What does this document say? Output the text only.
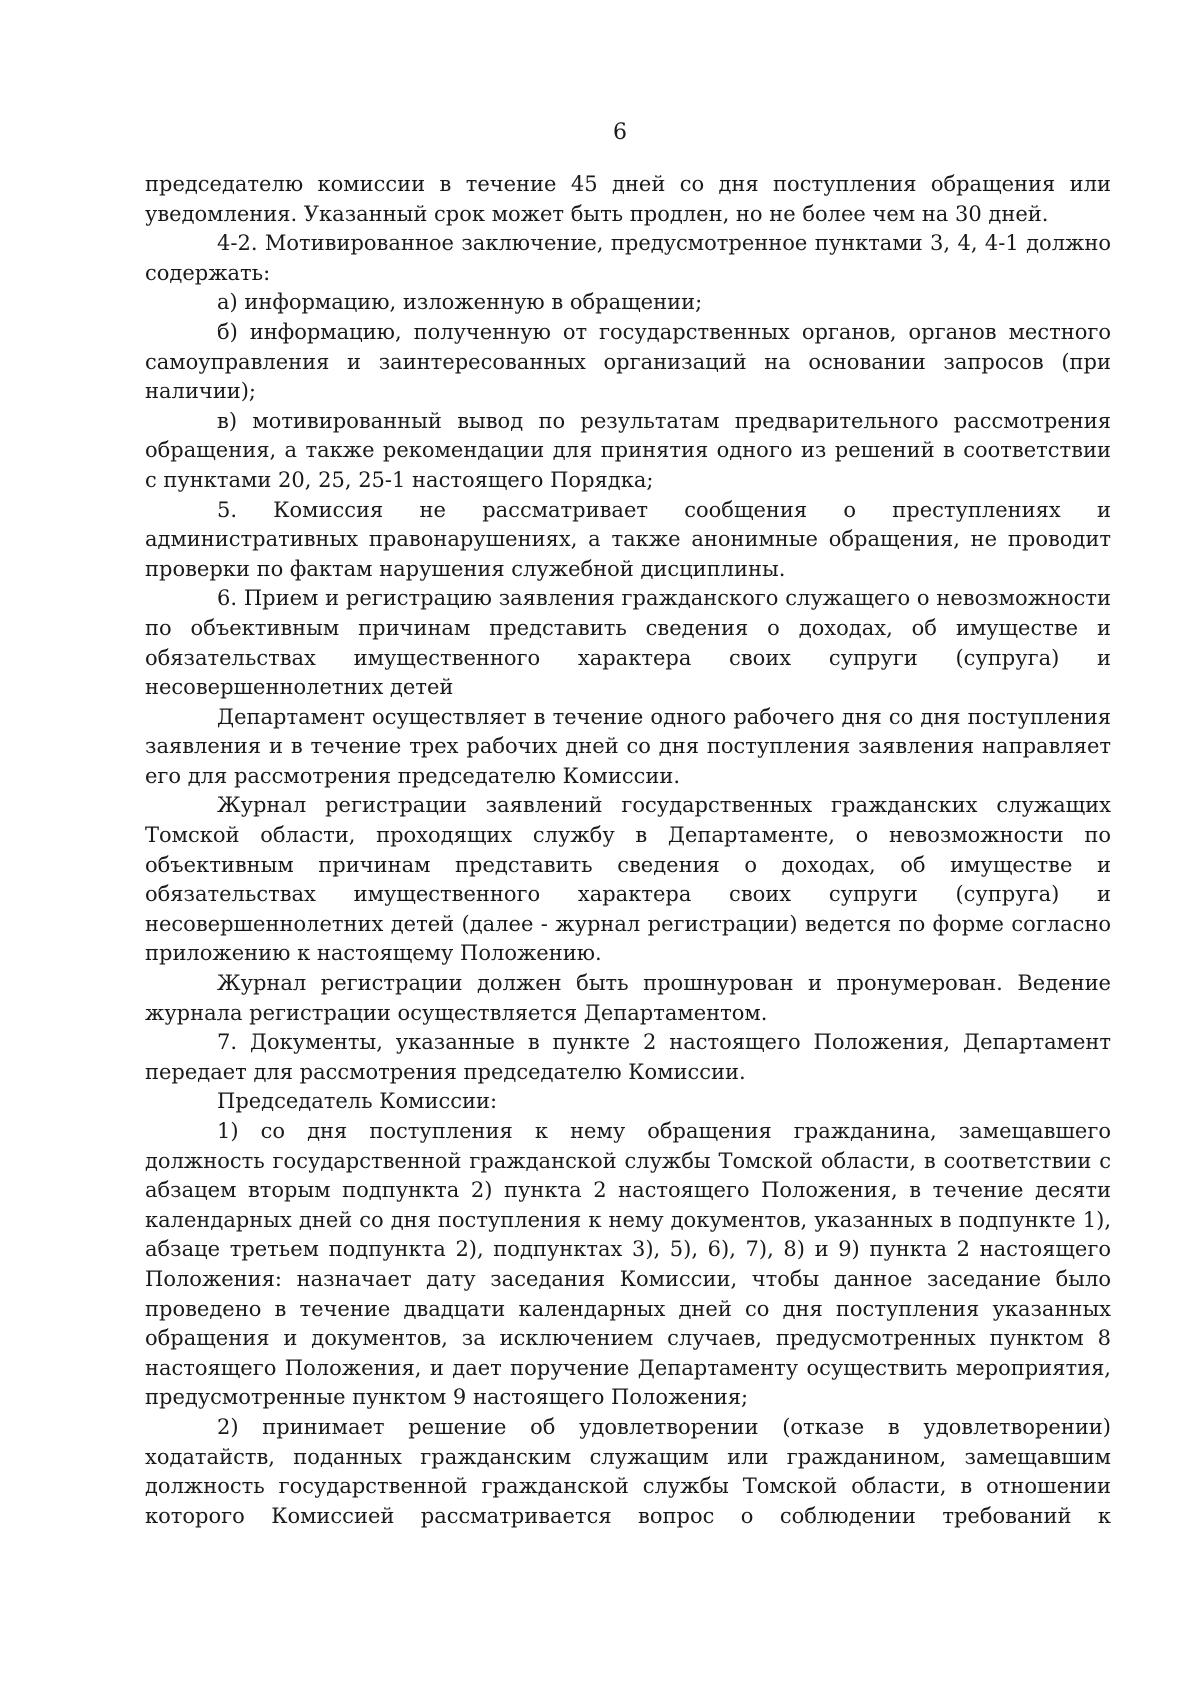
6

председателю комиссии в течение 45 дней со дня поступления обращения или уведомления. Указанный срок может быть продлен, но не более чем на 30 дней.

4-2. Мотивированное заключение, предусмотренное пунктами 3, 4, 4-1 должно содержать:

а) информацию, изложенную в обращении;

б) информацию, полученную от государственных органов, органов местного самоуправления и заинтересованных организаций на основании запросов (при наличии);

в) мотивированный вывод по результатам предварительного рассмотрения обращения, а также рекомендации для принятия одного из решений в соответствии с пунктами 20, 25, 25-1 настоящего Порядка;

5. Комиссия не рассматривает сообщения о преступлениях и административных правонарушениях, а также анонимные обращения, не проводит проверки по фактам нарушения служебной дисциплины.

6. Прием и регистрацию заявления гражданского служащего о невозможности по объективным причинам представить сведения о доходах, об имуществе и обязательствах имущественного характера своих супруги (супруга) и несовершеннолетних детей

Департамент осуществляет в течение одного рабочего дня со дня поступления заявления и в течение трех рабочих дней со дня поступления заявления направляет его для рассмотрения председателю Комиссии.

Журнал регистрации заявлений государственных гражданских служащих Томской области, проходящих службу в Департаменте, о невозможности по объективным причинам представить сведения о доходах, об имуществе и обязательствах имущественного характера своих супруги (супруга) и несовершеннолетних детей (далее - журнал регистрации) ведется по форме согласно приложению к настоящему Положению.

Журнал регистрации должен быть прошнурован и пронумерован. Ведение журнала регистрации осуществляется Департаментом.

7. Документы, указанные в пункте 2 настоящего Положения, Департамент передает для рассмотрения председателю Комиссии.

Председатель Комиссии:

1) со дня поступления к нему обращения гражданина, замещавшего должность государственной гражданской службы Томской области, в соответствии с абзацем вторым подпункта 2) пункта 2 настоящего Положения, в течение десяти календарных дней со дня поступления к нему документов, указанных в подпункте 1), абзаце третьем подпункта 2), подпунктах 3), 5), 6), 7), 8) и 9) пункта 2 настоящего Положения: назначает дату заседания Комиссии, чтобы данное заседание было проведено в течение двадцати календарных дней со дня поступления указанных обращения и документов, за исключением случаев, предусмотренных пунктом 8 настоящего Положения, и дает поручение Департаменту осуществить мероприятия, предусмотренные пунктом 9 настоящего Положения;

2) принимает решение об удовлетворении (отказе в удовлетворении) ходатайств, поданных гражданским служащим или гражданином, замещавшим должность государственной гражданской службы Томской области, в отношении которого Комиссией рассматривается вопрос о соблюдении требований к
